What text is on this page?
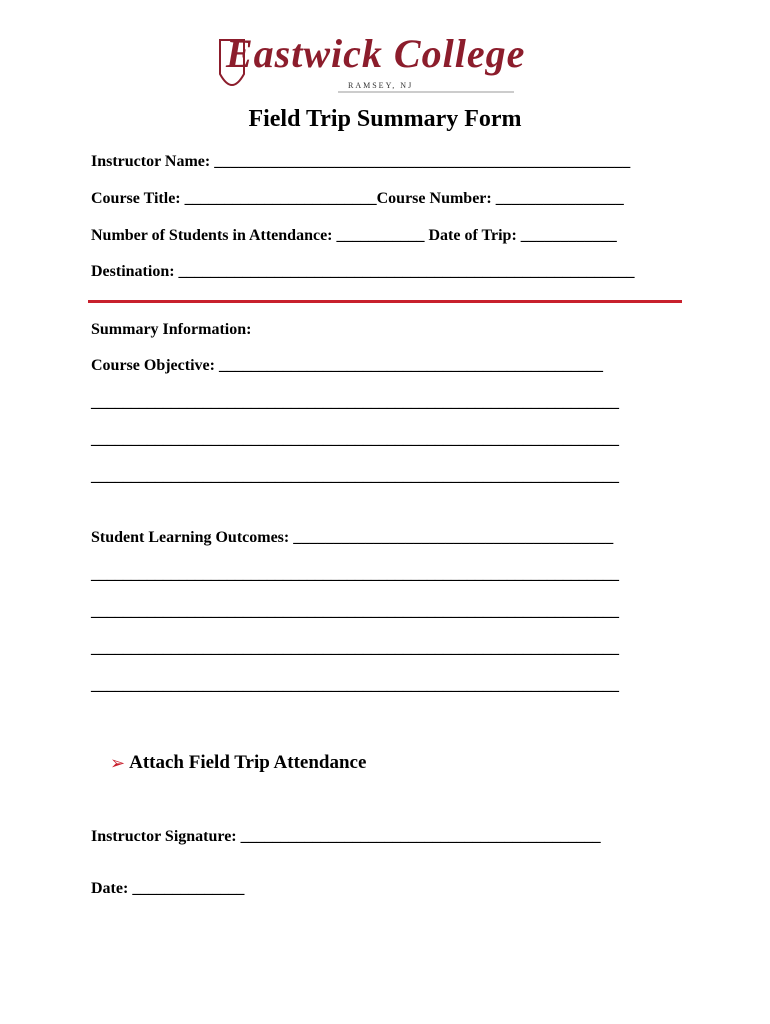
Eastwick College
RAMSEY, NJ
Field Trip Summary Form
Instructor Name: ____________________________________________________
Course Title: ________________________Course Number: ________________
Number of Students in Attendance: ___________ Date of Trip: ____________
Destination: _________________________________________________________
Summary Information:
Course Objective: ________________________________________________
__________________________________________________________________
__________________________________________________________________
__________________________________________________________________
Student Learning Outcomes: ________________________________________
__________________________________________________________________
__________________________________________________________________
__________________________________________________________________
__________________________________________________________________
➢ Attach Field Trip Attendance
Instructor Signature: _____________________________________________
Date: ______________
